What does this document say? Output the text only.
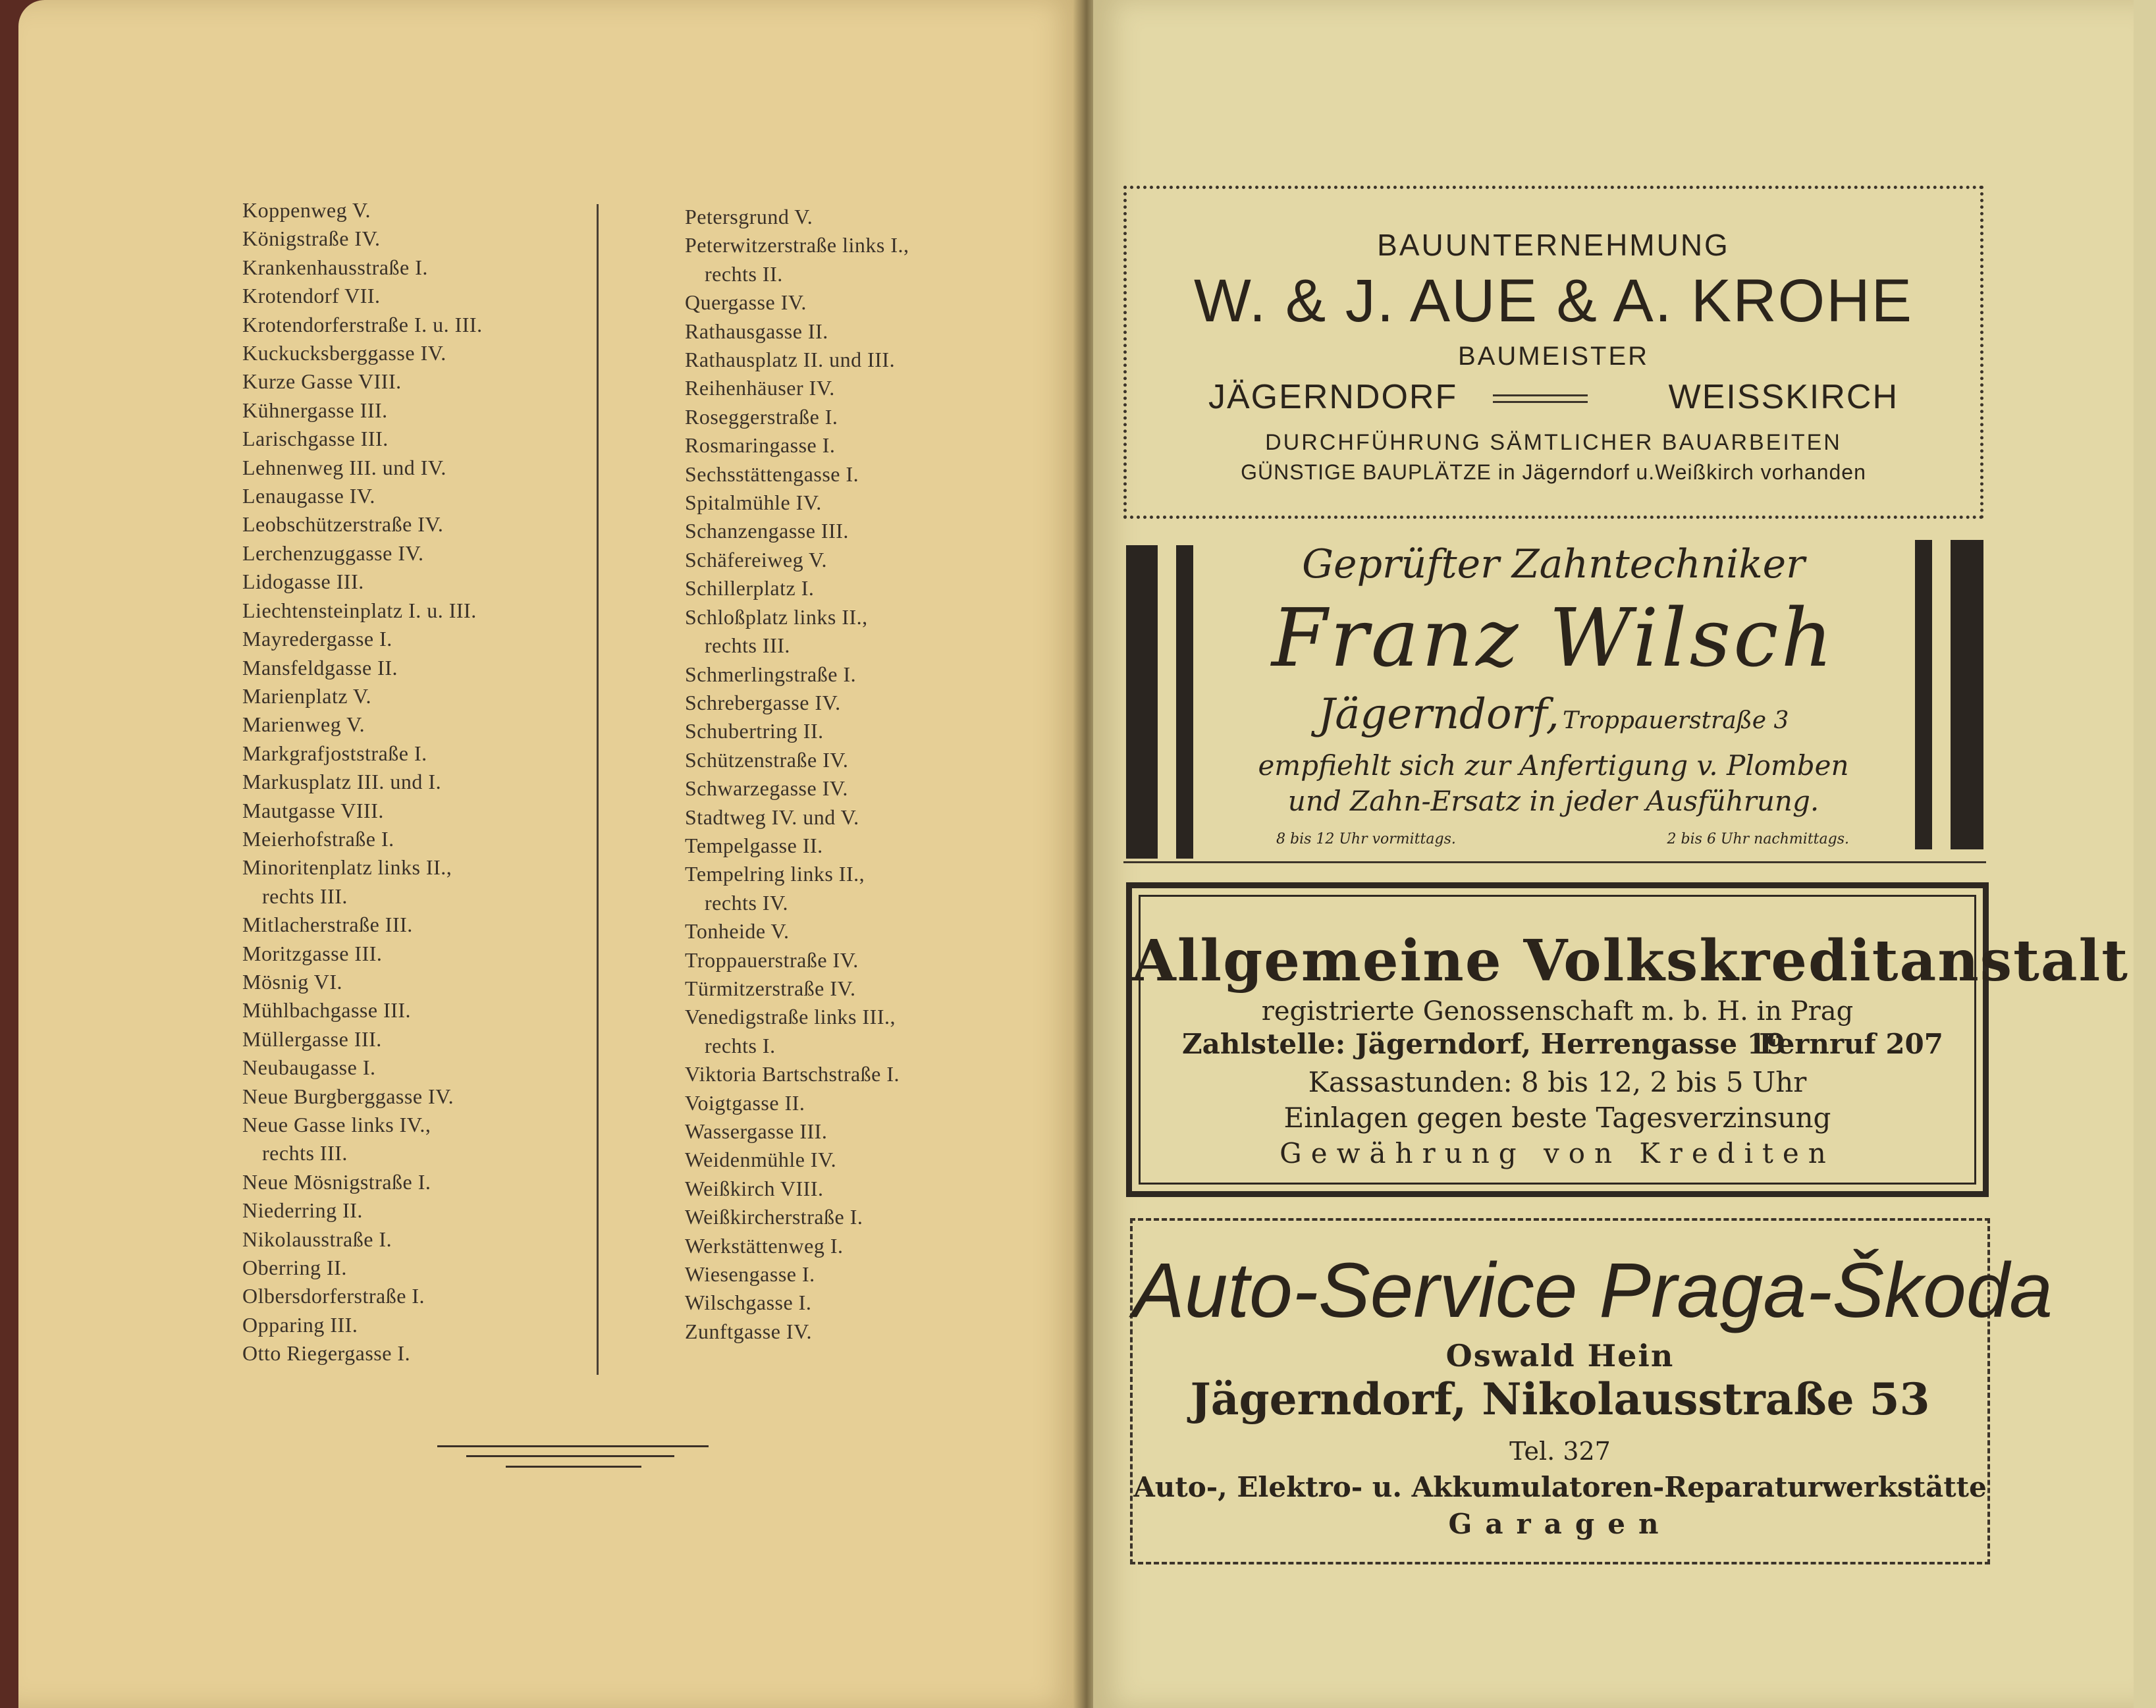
Koppenweg V.
Königstraße IV.
Krankenhausstraße I.
Krotendorf VII.
Krotendorferstraße I. u. III.
Kuckucksberggasse IV.
Kurze Gasse VIII.
Kühnergasse III.
Larischgasse III.
Lehnenweg III. und IV.
Lenaugasse IV.
Leobschützerstraße IV.
Lerchenzuggasse IV.
Lidogasse III.
Liechtensteinplatz I. u. III.
Mayredergasse I.
Mansfeldgasse II.
Marienplatz V.
Marienweg V.
Markgrafjoststraße I.
Markusplatz III. und I.
Mautgasse VIII.
Meierhofstraße I.
Minoritenplatz links II.,
rechts III.
Mitlacherstraße III.
Moritzgasse III.
Mösnig VI.
Mühlbachgasse III.
Müllergasse III.
Neubaugasse I.
Neue Burgberggasse IV.
Neue Gasse links IV.,
rechts III.
Neue Mösnigstraße I.
Niederring II.
Nikolausstraße I.
Oberring II.
Olbersdorferstraße I.
Opparing III.
Otto Riegergasse I.
Petersgrund V.
Peterwitzerstraße links I.,
rechts II.
Quergasse IV.
Rathausgasse II.
Rathausplatz II. und III.
Reihenhäuser IV.
Roseggerstraße I.
Rosmaringasse I.
Sechsstättengasse I.
Spitalmühle IV.
Schanzengasse III.
Schäfereiweg V.
Schillerplatz I.
Schloßplatz links II.,
rechts III.
Schmerlingstraße I.
Schrebergasse IV.
Schubertring II.
Schützenstraße IV.
Schwarzegasse IV.
Stadtweg IV. und V.
Tempelgasse II.
Tempelring links II.,
rechts IV.
Tonheide V.
Troppauerstraße IV.
Türmitzerstraße IV.
Venedigstraße links III.,
rechts I.
Viktoria Bartschstraße I.
Voigtgasse II.
Wassergasse III.
Weidenmühle IV.
Weißkirch VIII.
Weißkircherstraße I.
Werkstättenweg I.
Wiesengasse I.
Wilschgasse I.
Zunftgasse IV.
BAUUNTERNEHMUNG
W. & J. AUE & A. KROHE
BAUMEISTER
JÄGERNDORF	WEISSKIRCH
DURCHFÜHRUNG SÄMTLICHER BAUARBEITEN
GÜNSTIGE BAUPLÄTZE in Jägerndorf u.Weißkirch vorhanden
Geprüfter Zahntechniker
Franz Wilsch
Jägerndorf, Troppauerstraße 3
empfiehlt sich zur Anfertigung v. Plomben
und Zahn-Ersatz in jeder Ausführung.
8 bis 12 Uhr vormittags.	2 bis 6 Uhr nachmittags.
Allgemeine Volkskreditanstalt
registrierte Genossenschaft m. b. H. in Prag
Zahlstelle: Jägerndorf, Herrengasse 19
Fernruf 207
Kassastunden: 8 bis 12, 2 bis 5 Uhr
Einlagen gegen beste Tagesverzinsung
Gewährung von Krediten
Auto-Service Praga-Škoda
Oswald Hein
Jägerndorf, Nikolausstraße 53
Tel. 327
Auto-, Elektro- u. Akkumulatoren-Reparaturwerkstätte
Garagen
